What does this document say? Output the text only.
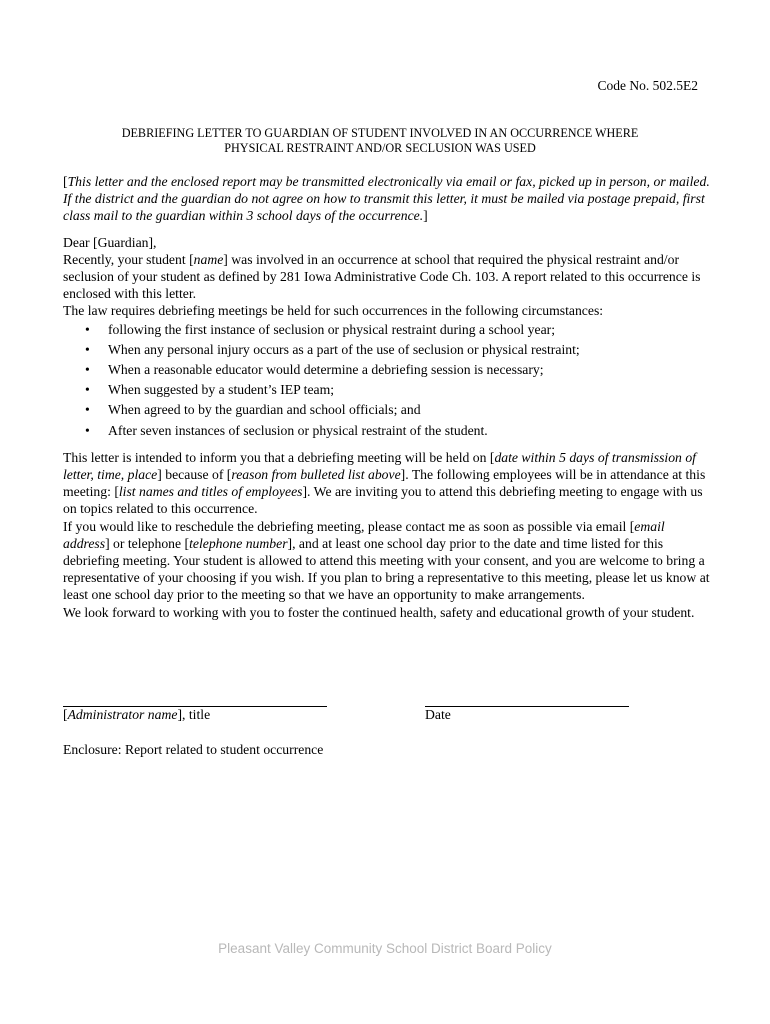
Code No. 502.5E2
DEBRIEFING LETTER TO GUARDIAN OF STUDENT INVOLVED IN AN OCCURRENCE WHERE
PHYSICAL RESTRAINT AND/OR SECLUSION WAS USED

[This letter and the enclosed report may be transmitted electronically via email or fax, picked up in person, or mailed. If the district and the guardian do not agree on how to transmit this letter, it must be mailed via postage prepaid, first class mail to the guardian within 3 school days of the occurrence.]

Dear [Guardian],

Recently, your student [name] was involved in an occurrence at school that required the physical restraint and/or seclusion of your student as defined by 281 Iowa Administrative Code Ch. 103. A report related to this occurrence is enclosed with this letter.

The law requires debriefing meetings be held for such occurrences in the following circumstances:

• following the first instance of seclusion or physical restraint during a school year;
• When any personal injury occurs as a part of the use of seclusion or physical restraint;
• When a reasonable educator would determine a debriefing session is necessary;
• When suggested by a student’s IEP team;
• When agreed to by the guardian and school officials; and
• After seven instances of seclusion or physical restraint of the student.

This letter is intended to inform you that a debriefing meeting will be held on [date within 5 days of transmission of letter, time, place] because of [reason from bulleted list above]. The following employees will be in attendance at this meeting: [list names and titles of employees]. We are inviting you to attend this debriefing meeting to engage with us on topics related to this occurrence.

If you would like to reschedule the debriefing meeting, please contact me as soon as possible via email [email address] or telephone [telephone number], and at least one school day prior to the date and time listed for this debriefing meeting. Your student is allowed to attend this meeting with your consent, and you are welcome to bring a representative of your choosing if you wish. If you plan to bring a representative to this meeting, please let us know at least one school day prior to the meeting so that we have an opportunity to make arrangements.

We look forward to working with you to foster the continued health, safety and educational growth of your student.

[Administrator name], title	Date
Enclosure: Report related to student occurrence
Pleasant Valley Community School District Board Policy
